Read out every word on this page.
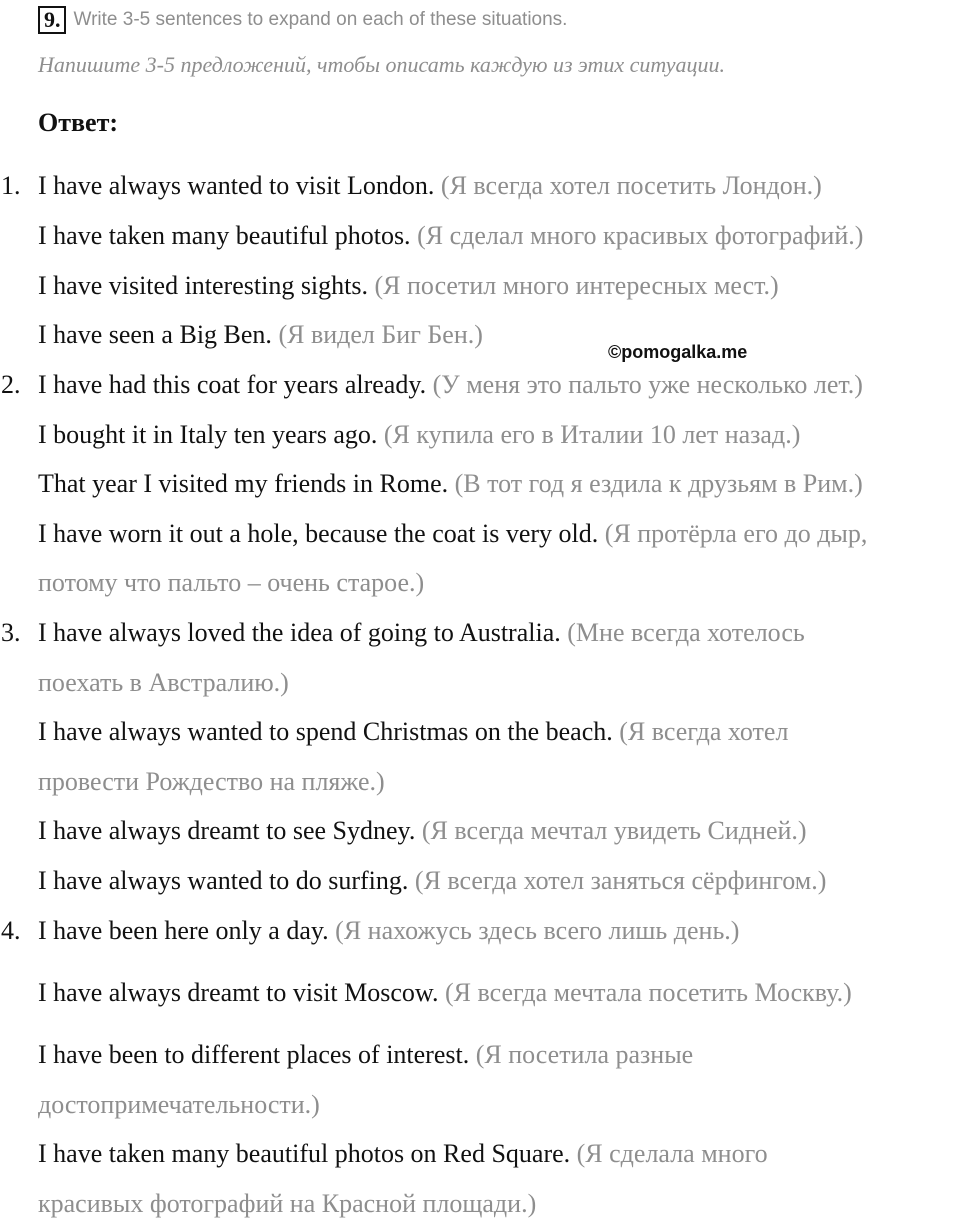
9. Write 3-5 sentences to expand on each of these situations.
Напишите 3-5 предложений, чтобы описать каждую из этих ситуации.
Ответ:
©pomogalka.me
1. I have always wanted to visit London. (Я всегда хотел посетить Лондон.)
I have taken many beautiful photos. (Я сделал много красивых фотографий.)
I have visited interesting sights. (Я посетил много интересных мест.)
I have seen a Big Ben. (Я видел Биг Бен.)
2. I have had this coat for years already. (У меня это пальто уже несколько лет.)
I bought it in Italy ten years ago. (Я купила его в Италии 10 лет назад.)
That year I visited my friends in Rome. (В тот год я ездила к друзьям в Рим.)
I have worn it out a hole, because the coat is very old. (Я протёрла его до дыр,
потому что пальто – очень старое.)
3. I have always loved the idea of going to Australia. (Мне всегда хотелось
поехать в Австралию.)
I have always wanted to spend Christmas on the beach. (Я всегда хотел
провести Рождество на пляже.)
I have always dreamt to see Sydney. (Я всегда мечтал увидеть Сидней.)
I have always wanted to do surfing. (Я всегда хотел заняться сёрфингом.)
4. I have been here only a day. (Я нахожусь здесь всего лишь день.)
I have always dreamt to visit Moscow. (Я всегда мечтала посетить Москву.)
I have been to different places of interest. (Я посетила разные
достопримечательности.)
I have taken many beautiful photos on Red Square. (Я сделала много
красивых фотографий на Красной площади.)
